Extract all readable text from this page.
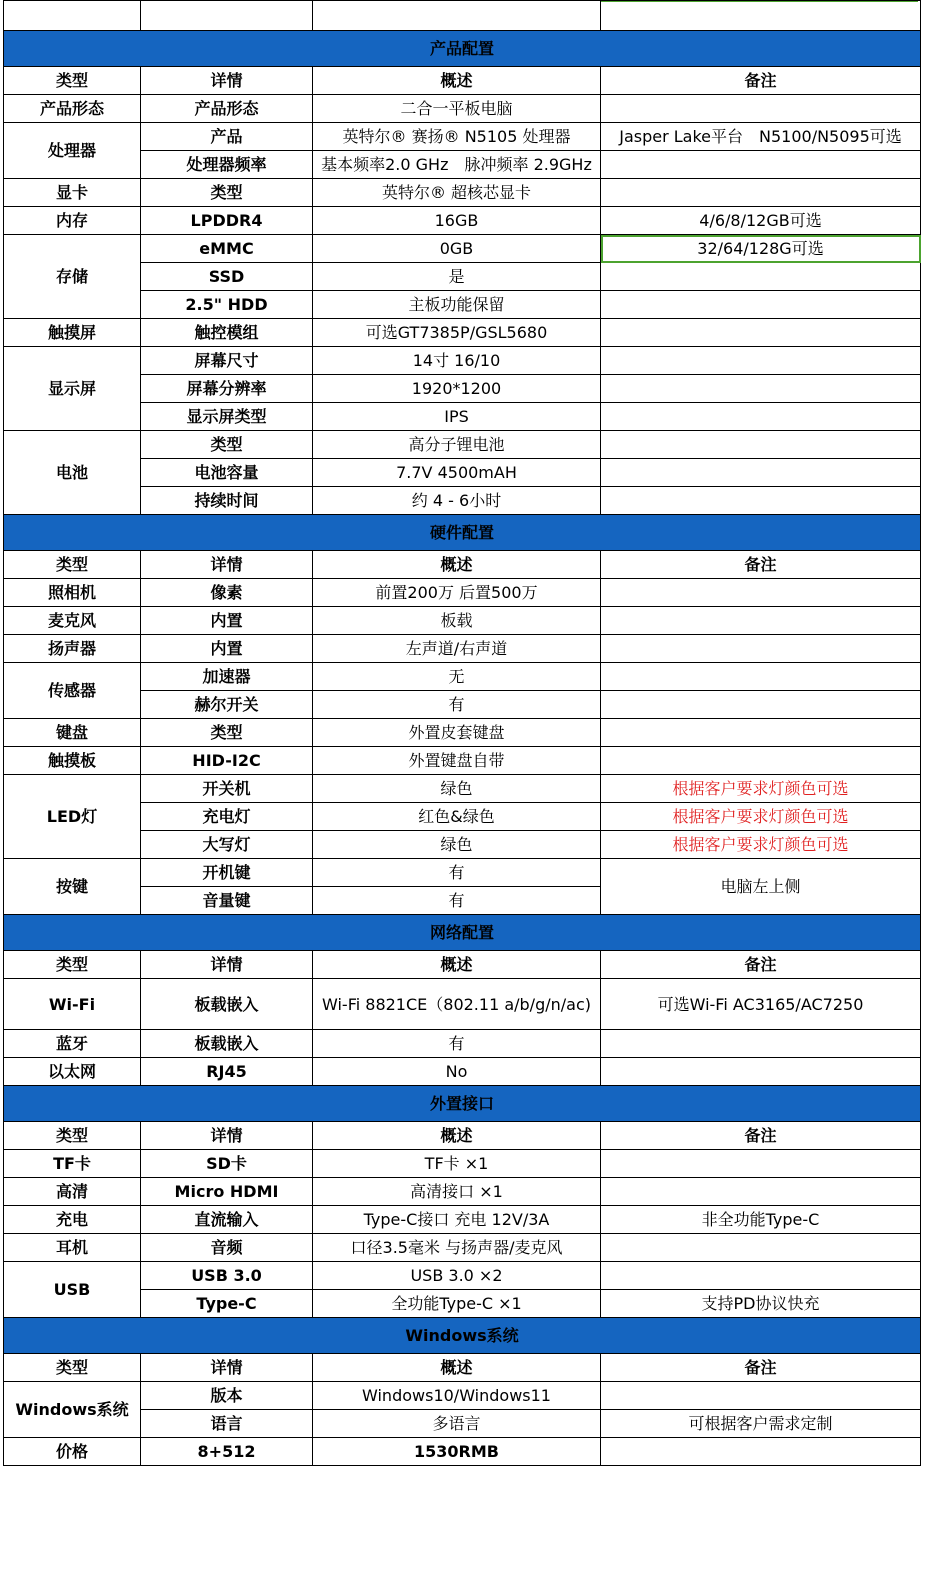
产品配置			
类型	详情	概述	备注
产品形态	产品形态	二合一平板电脑	
处理器	产品	英特尔® 赛扬® N5105 处理器	Jasper Lake平台　N5100/N5095可选
	处理器频率	基本频率2.0 GHz　脉冲频率 2.9GHz	
显卡	类型	英特尔® 超核芯显卡	
内存	LPDDR4	16GB	4/6/8/12GB可选
存储	eMMC	0GB	32/64/128G可选
	SSD	是	
	2.5" HDD	主板功能保留	
触摸屏	触控模组	可选GT7385P/GSL5680	
显示屏	屏幕尺寸	14寸 16/10	
	屏幕分辨率	1920*1200	
	显示屏类型	IPS	
电池	类型	高分子锂电池	
	电池容量	7.7V 4500mAH	
	持续时间	约 4 - 6小时	
硬件配置			
类型	详情	概述	备注
照相机	像素	前置200万 后置500万	
麦克风	内置	板载	
扬声器	内置	左声道/右声道	
传感器	加速器	无	
	赫尔开关	有	
键盘	类型	外置皮套键盘	
触摸板	HID-I2C	外置键盘自带	
LED灯	开关机	绿色	根据客户要求灯颜色可选
	充电灯	红色&绿色	根据客户要求灯颜色可选
	大写灯	绿色	根据客户要求灯颜色可选
按键	开机键	有	电脑左上侧
	音量键	有	
网络配置			
类型	详情	概述	备注
Wi-Fi	板载嵌入	Wi-Fi 8821CE（802.11 a/b/g/n/ac)	可选Wi-Fi AC3165/AC7250
蓝牙	板载嵌入	有	
以太网	RJ45	No	
外置接口			
类型	详情	概述	备注
TF卡	SD卡	TF卡 ×1	
高清	Micro HDMI	高清接口 ×1	
充电	直流输入	Type-C接口 充电 12V/3A	非全功能Type-C
耳机	音频	口径3.5毫米 与扬声器/麦克风	
USB	USB 3.0	USB 3.0 ×2	
	Type-C	全功能Type-C ×1	支持PD协议快充
Windows系统			
类型	详情	概述	备注
Windows系统	版本	Windows10/Windows11	
	语言	多语言	可根据客户需求定制
价格	8+512	1530RMB	
